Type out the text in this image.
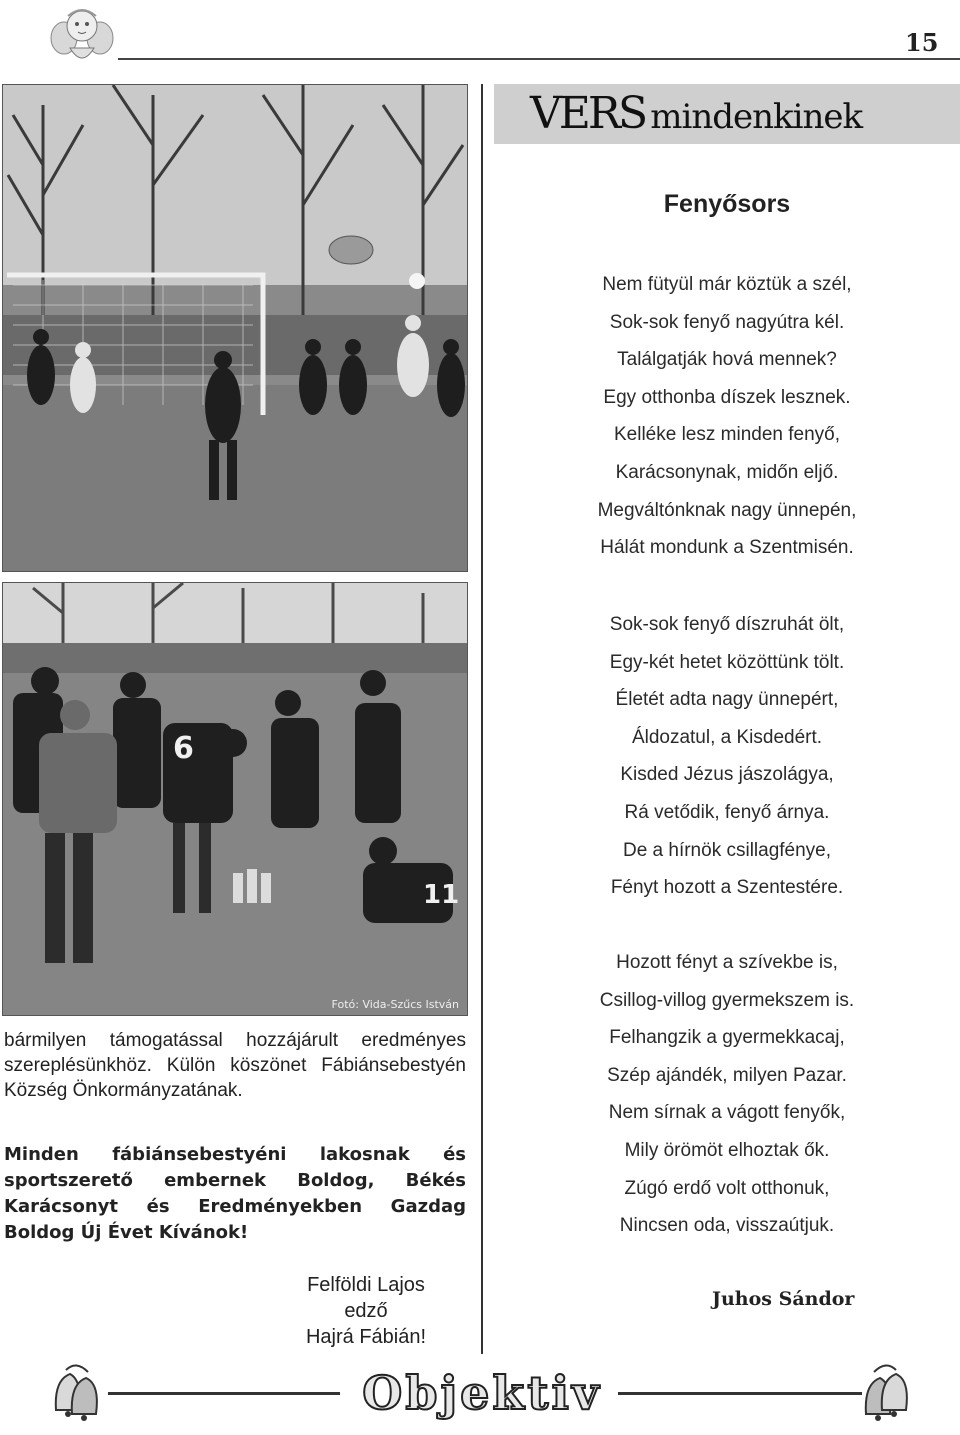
15
VERS mindenkinek
6
11
Fotó: Vida-Szűcs István
bármilyen támogatással hozzájárult eredményes szereplésünkhöz. Külön köszönet Fábiánsebestyén Község Önkormányzatának.
Minden fábiánsebestyéni lakosnak és sportszerető embernek Boldog, Békés Karácsonyt és Eredményekben Gazdag Boldog Új Évet Kívánok!
Felföldi Lajos
edző
Hajrá Fábián!
Fenyősors
Nem fütyül már köztük a szél,
Sok-sok fenyő nagyútra kél.
Találgatják hová mennek?
Egy otthonba díszek lesznek.
Kelléke lesz minden fenyő,
Karácsonynak, midőn eljő.
Megváltónknak nagy ünnepén,
Hálát mondunk a Szentmisén.
Sok-sok fenyő díszruhát ölt,
Egy-két hetet közöttünk tölt.
Életét adta nagy ünnepért,
Áldozatul, a Kisdedért.
Kisded Jézus jászolágya,
Rá vetődik, fenyő árnya.
De a hírnök csillagfénye,
Fényt hozott a Szentestére.
Hozott fényt a szívekbe is,
Csillog-villog gyermekszem is.
Felhangzik a gyermekkacaj,
Szép ajándék, milyen Pazar.
Nem sírnak a vágott fenyők,
Mily örömöt elhoztak ők.
Zúgó erdő volt otthonuk,
Nincsen oda, visszaútjuk.
Juhos Sándor
Objektiv
